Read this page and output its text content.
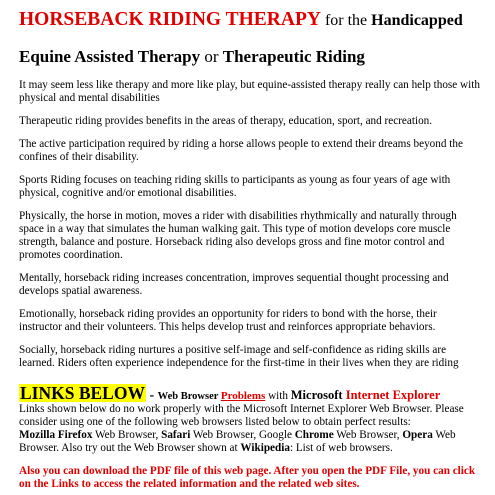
HORSEBACK RIDING THERAPY for the Handicapped
Equine Assisted Therapy or Therapeutic Riding

It may seem less like therapy and more like play, but equine-assisted therapy really can help those with physical and mental disabilities

Therapeutic riding provides benefits in the areas of therapy, education, sport, and recreation.

The active participation required by riding a horse allows people to extend their dreams beyond the confines of their disability.

Sports Riding focuses on teaching riding skills to participants as young as four years of age with physical, cognitive and/or emotional disabilities.

Physically, the horse in motion, moves a rider with disabilities rhythmically and naturally through space in a way that simulates the human walking gait. This type of motion develops core muscle strength, balance and posture. Horseback riding also develops gross and fine motor control and promotes coordination.

Mentally, horseback riding increases concentration, improves sequential thought processing and develops spatial awareness.

Emotionally, horseback riding provides an opportunity for riders to bond with the horse, their instructor and their volunteers. This helps develop trust and reinforces appropriate behaviors.

Socially, horseback riding nurtures a positive self-image and self-confidence as riding skills are learned. Riders often experience independence for the first-time in their lives when they are riding

LINKS BELOW - Web Browser Problems with Microsoft Internet Explorer
Links shown below do no work properly with the Microsoft Internet Explorer Web Browser. Please consider using one of the following web browsers listed below to obtain perfect results:
Mozilla Firefox Web Browser, Safari Web Browser, Google Chrome Web Browser, Opera Web Browser. Also try out the Web Browser shown at Wikipedia: List of web browsers.
Also you can download the PDF file of this web page. After you open the PDF File, you can click on the Links to access the related information and the related web sites.
